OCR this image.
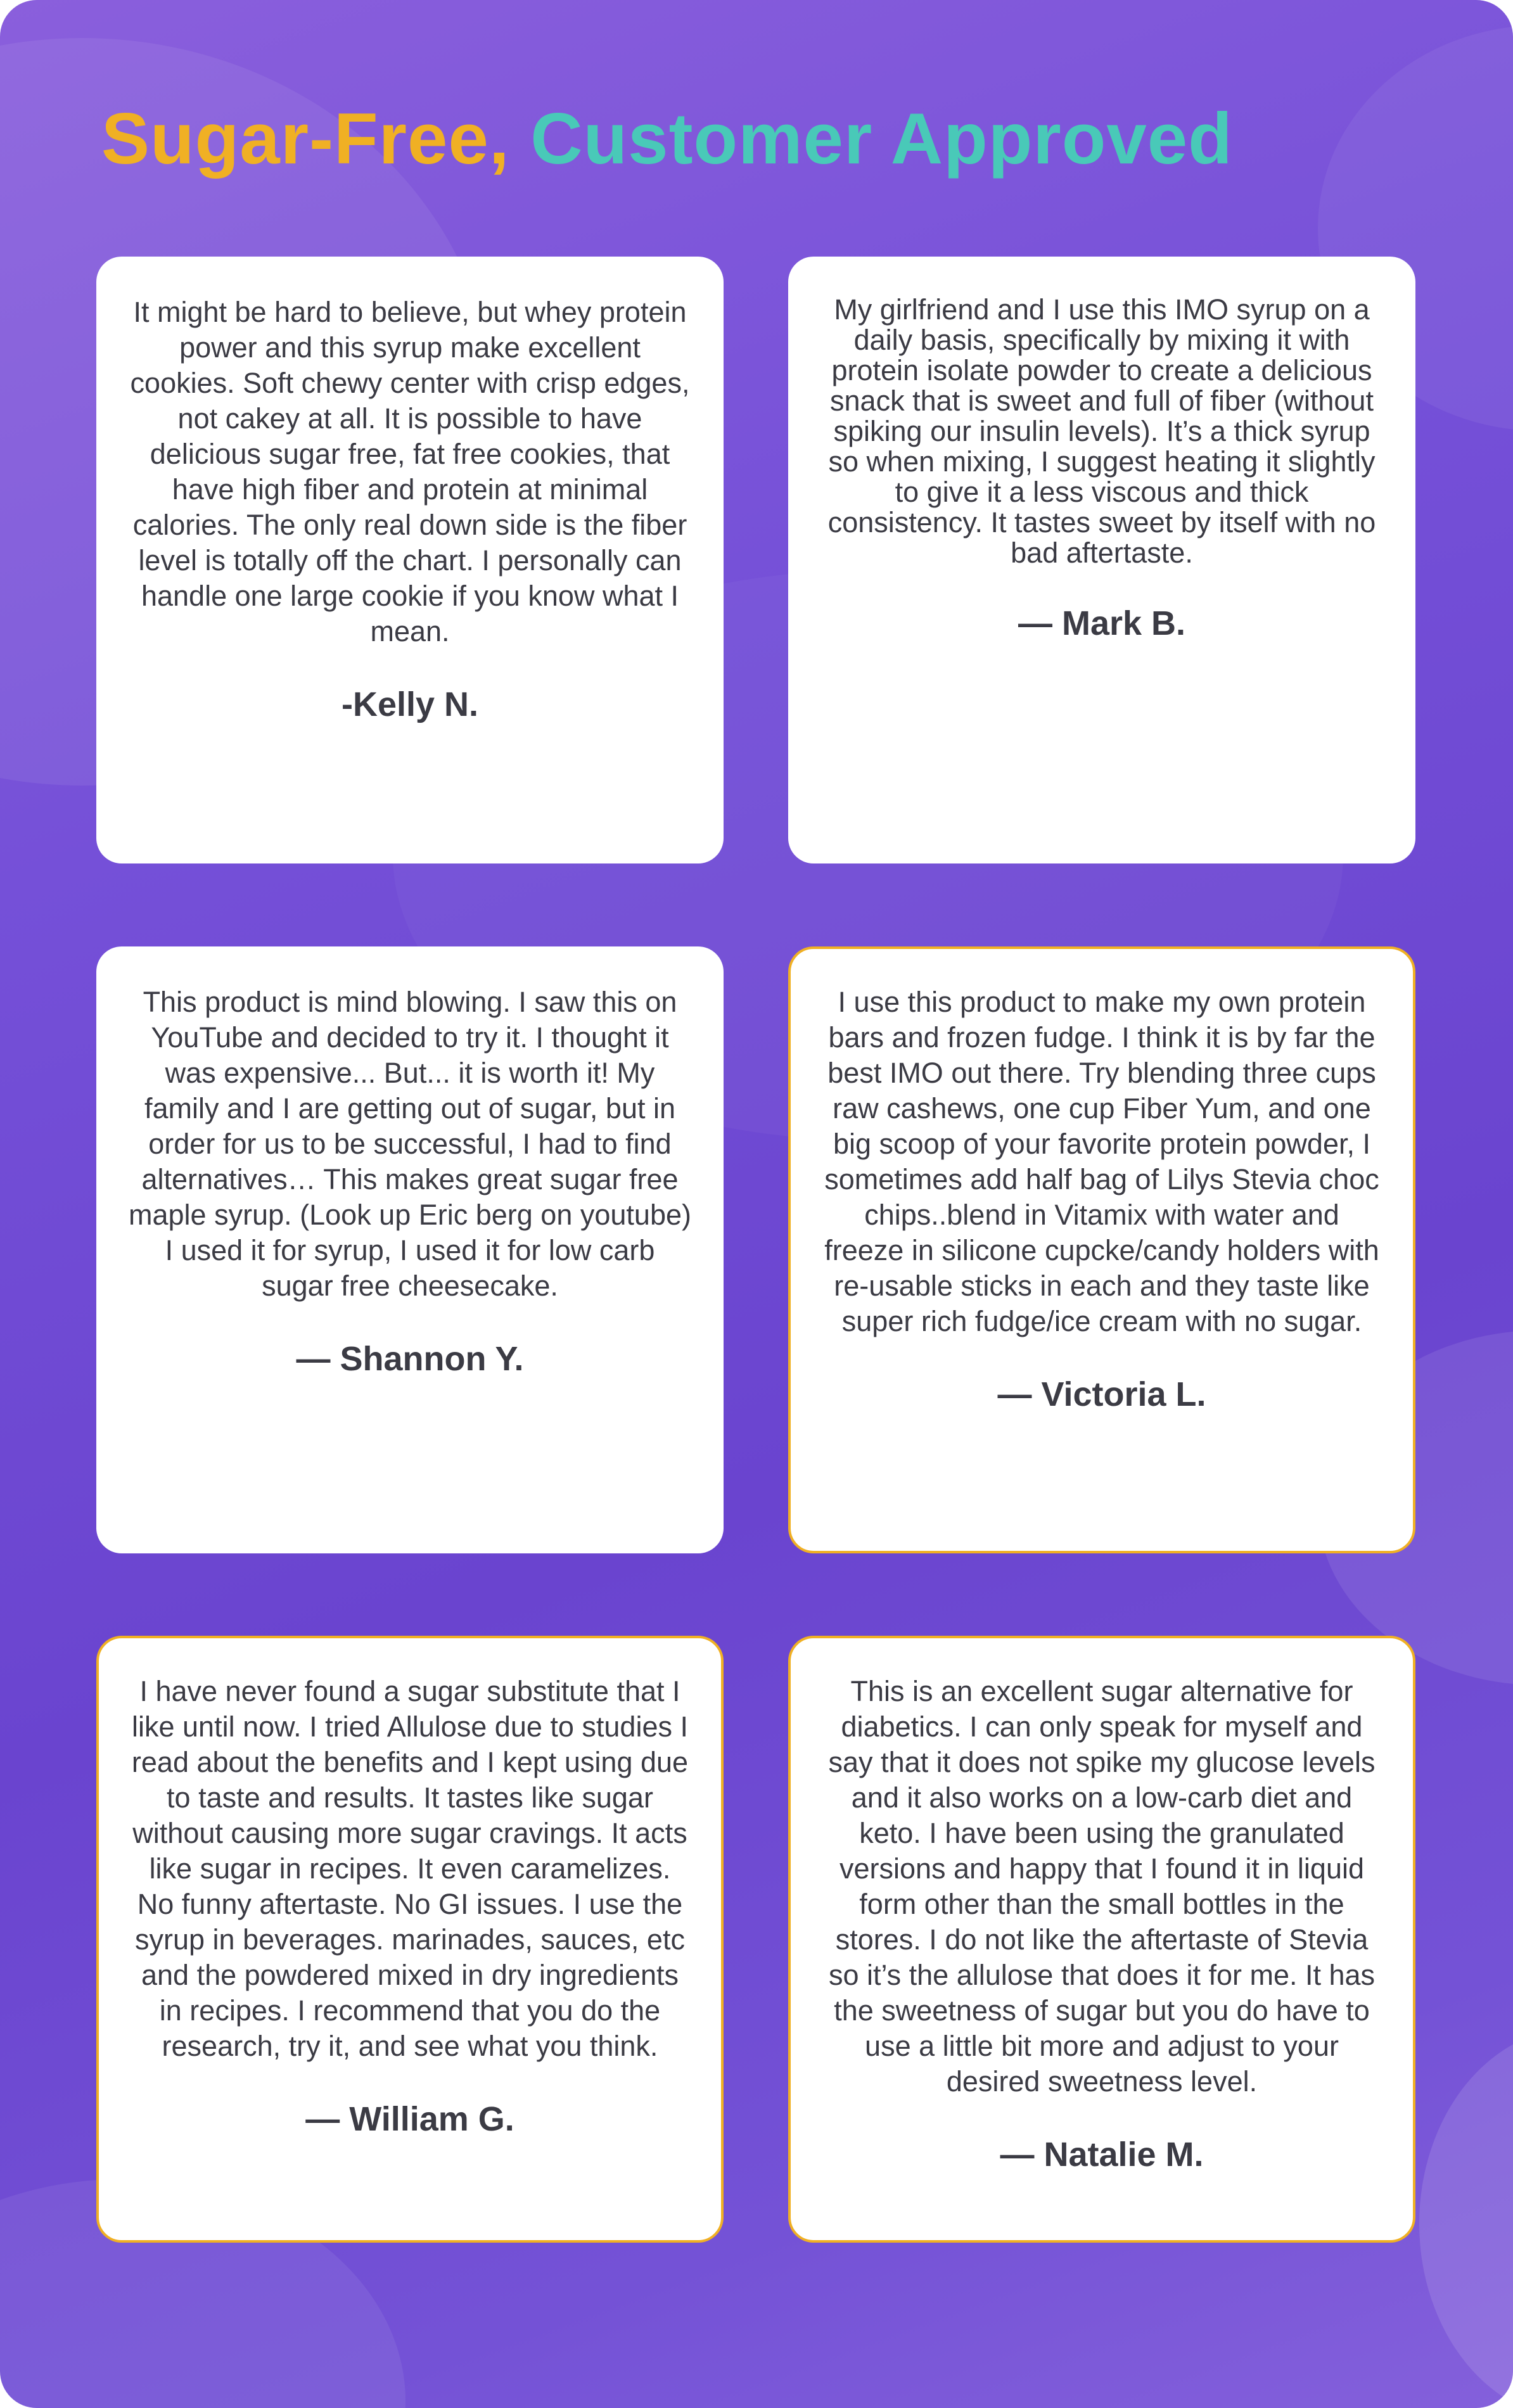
Sugar-Free, Customer Approved

It might be hard to believe, but whey protein power and this syrup make excellent cookies. Soft chewy center with crisp edges, not cakey at all. It is possible to have delicious sugar free, fat free cookies, that have high fiber and protein at minimal calories. The only real down side is the fiber level is totally off the chart. I personally can handle one large cookie if you know what I mean.

-Kelly N.

My girlfriend and I use this IMO syrup on a daily basis, specifically by mixing it with protein isolate powder to create a delicious snack that is sweet and full of fiber (without spiking our insulin levels). It’s a thick syrup so when mixing, I suggest heating it slightly to give it a less viscous and thick consistency. It tastes sweet by itself with no bad aftertaste.

— Mark B.

This product is mind blowing. I saw this on YouTube and decided to try it. I thought it was expensive... But... it is worth it! My family and I are getting out of sugar, but in order for us to be successful, I had to find alternatives… This makes great sugar free maple syrup. (Look up Eric berg on youtube) I used it for syrup, I used it for low carb sugar free cheesecake.

— Shannon Y.

I use this product to make my own protein bars and frozen fudge. I think it is by far the best IMO out there. Try blending three cups raw cashews, one cup Fiber Yum, and one big scoop of your favorite protein powder, I sometimes add half bag of Lilys Stevia choc chips..blend in Vitamix with water and freeze in silicone cupcke/candy holders with re-usable sticks in each and they taste like super rich fudge/ice cream with no sugar.

— Victoria L.

I have never found a sugar substitute that I like until now. I tried Allulose due to studies I read about the benefits and I kept using due to taste and results. It tastes like sugar without causing more sugar cravings. It acts like sugar in recipes. It even caramelizes. No funny aftertaste. No GI issues. I use the syrup in beverages. marinades, sauces, etc and the powdered mixed in dry ingredients in recipes. I recommend that you do the research, try it, and see what you think.

— William G.

This is an excellent sugar alternative for diabetics. I can only speak for myself and say that it does not spike my glucose levels and it also works on a low-carb diet and keto. I have been using the granulated versions and happy that I found it in liquid form other than the small bottles in the stores. I do not like the aftertaste of Stevia so it’s the allulose that does it for me. It has the sweetness of sugar but you do have to use a little bit more and adjust to your desired sweetness level.

— Natalie M.
